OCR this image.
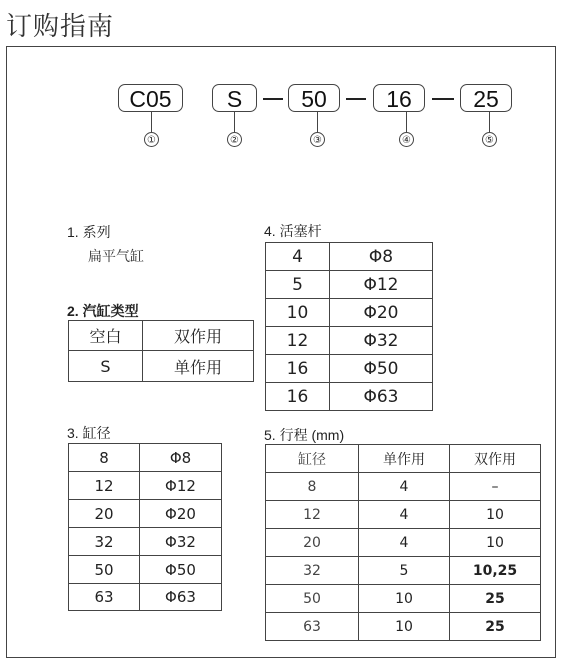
订购指南
C05	S	50	16	25
①	②	③	④	⑤
1. 系列
扁平气缸
2. 汽缸类型
空白	双作用
S	单作用
3. 缸径
8	Φ8
12	Φ12
20	Φ20
32	Φ32
50	Φ50
63	Φ63
4. 活塞杆
4	Φ8
5	Φ12
10	Φ20
12	Φ32
16	Φ50
16	Φ63
5. 行程 (mm)
缸径	单作用	双作用
8	4	–
12	4	10
20	4	10
32	5	10,25
50	10	25
63	10	25
